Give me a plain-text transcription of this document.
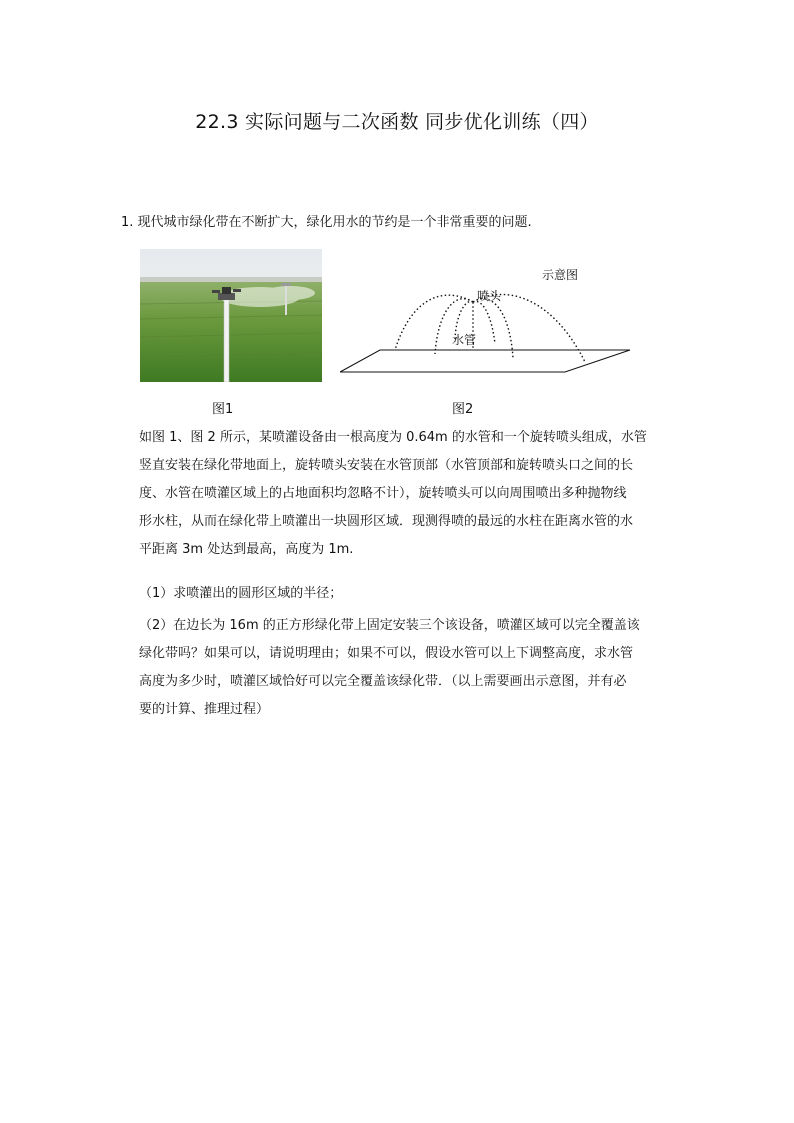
22.3 实际问题与二次函数 同步优化训练（四）
1. 现代城市绿化带在不断扩大，绿化用水的节约是一个非常重要的问题.
示意图
喷头
水管
图1	图2

如图 1、图 2 所示，某喷灌设备由一根高度为 0.64m 的水管和一个旋转喷头组成，水管

竖直安装在绿化带地面上，旋转喷头安装在水管顶部（水管顶部和旋转喷头口之间的长

度、水管在喷灌区域上的占地面积均忽略不计），旋转喷头可以向周围喷出多种抛物线

形水柱，从而在绿化带上喷灌出一块圆形区域．现测得喷的最远的水柱在距离水管的水

平距离 3m 处达到最高，高度为 1m.

（1）求喷灌出的圆形区域的半径；
（2）在边长为 16m 的正方形绿化带上固定安装三个该设备，喷灌区域可以完全覆盖该
绿化带吗？如果可以，请说明理由；如果不可以，假设水管可以上下调整高度，求水管
高度为多少时，喷灌区域恰好可以完全覆盖该绿化带．（以上需要画出示意图，并有必
要的计算、推理过程）
